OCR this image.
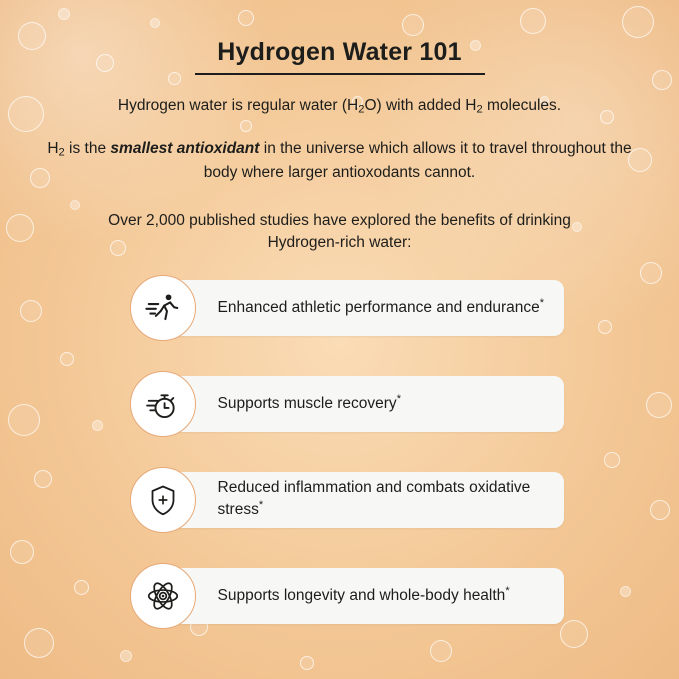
Hydrogen Water 101

Hydrogen water is regular water $(H_2O)$ with added $H_2$ molecules.

$H_2$ is the smallest antioxidant in the universe which allows it to travel throughout the body where larger antioxodants cannot.

Over 2,000 published studies have explored the benefits of drinking Hydrogen-rich water:

Enhanced athletic performance and endurance*
Supports muscle recovery*
Reduced inflammation and combats oxidative stress*
Supports longevity and whole-body health*
